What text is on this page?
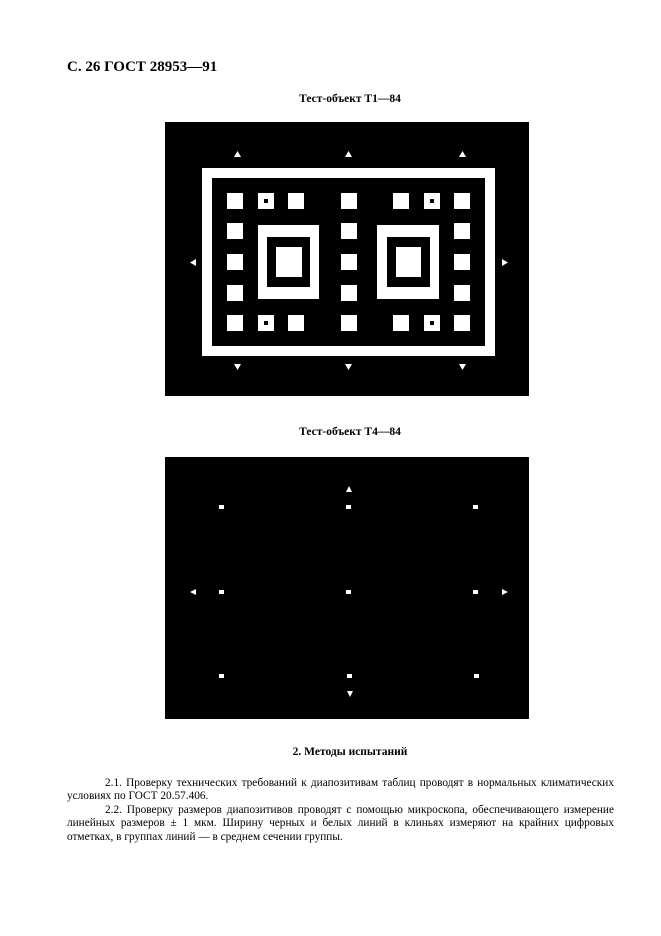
С. 26 ГОСТ 28953—91
Тест-объект Т1—84
Тест-объект Т4—84
2. Методы испытаний

2.1. Проверку технических требований к диапозитивам таблиц проводят в нормальных климатических условиях по ГОСТ 20.57.406.

2.2. Проверку размеров диапозитивов проводят с помощью микроскопа, обеспечивающего измерение линейных размеров ± 1 мкм. Ширину черных и белых линий в клиньях измеряют на крайних цифровых отметках, в группах линий — в среднем сечении группы.
